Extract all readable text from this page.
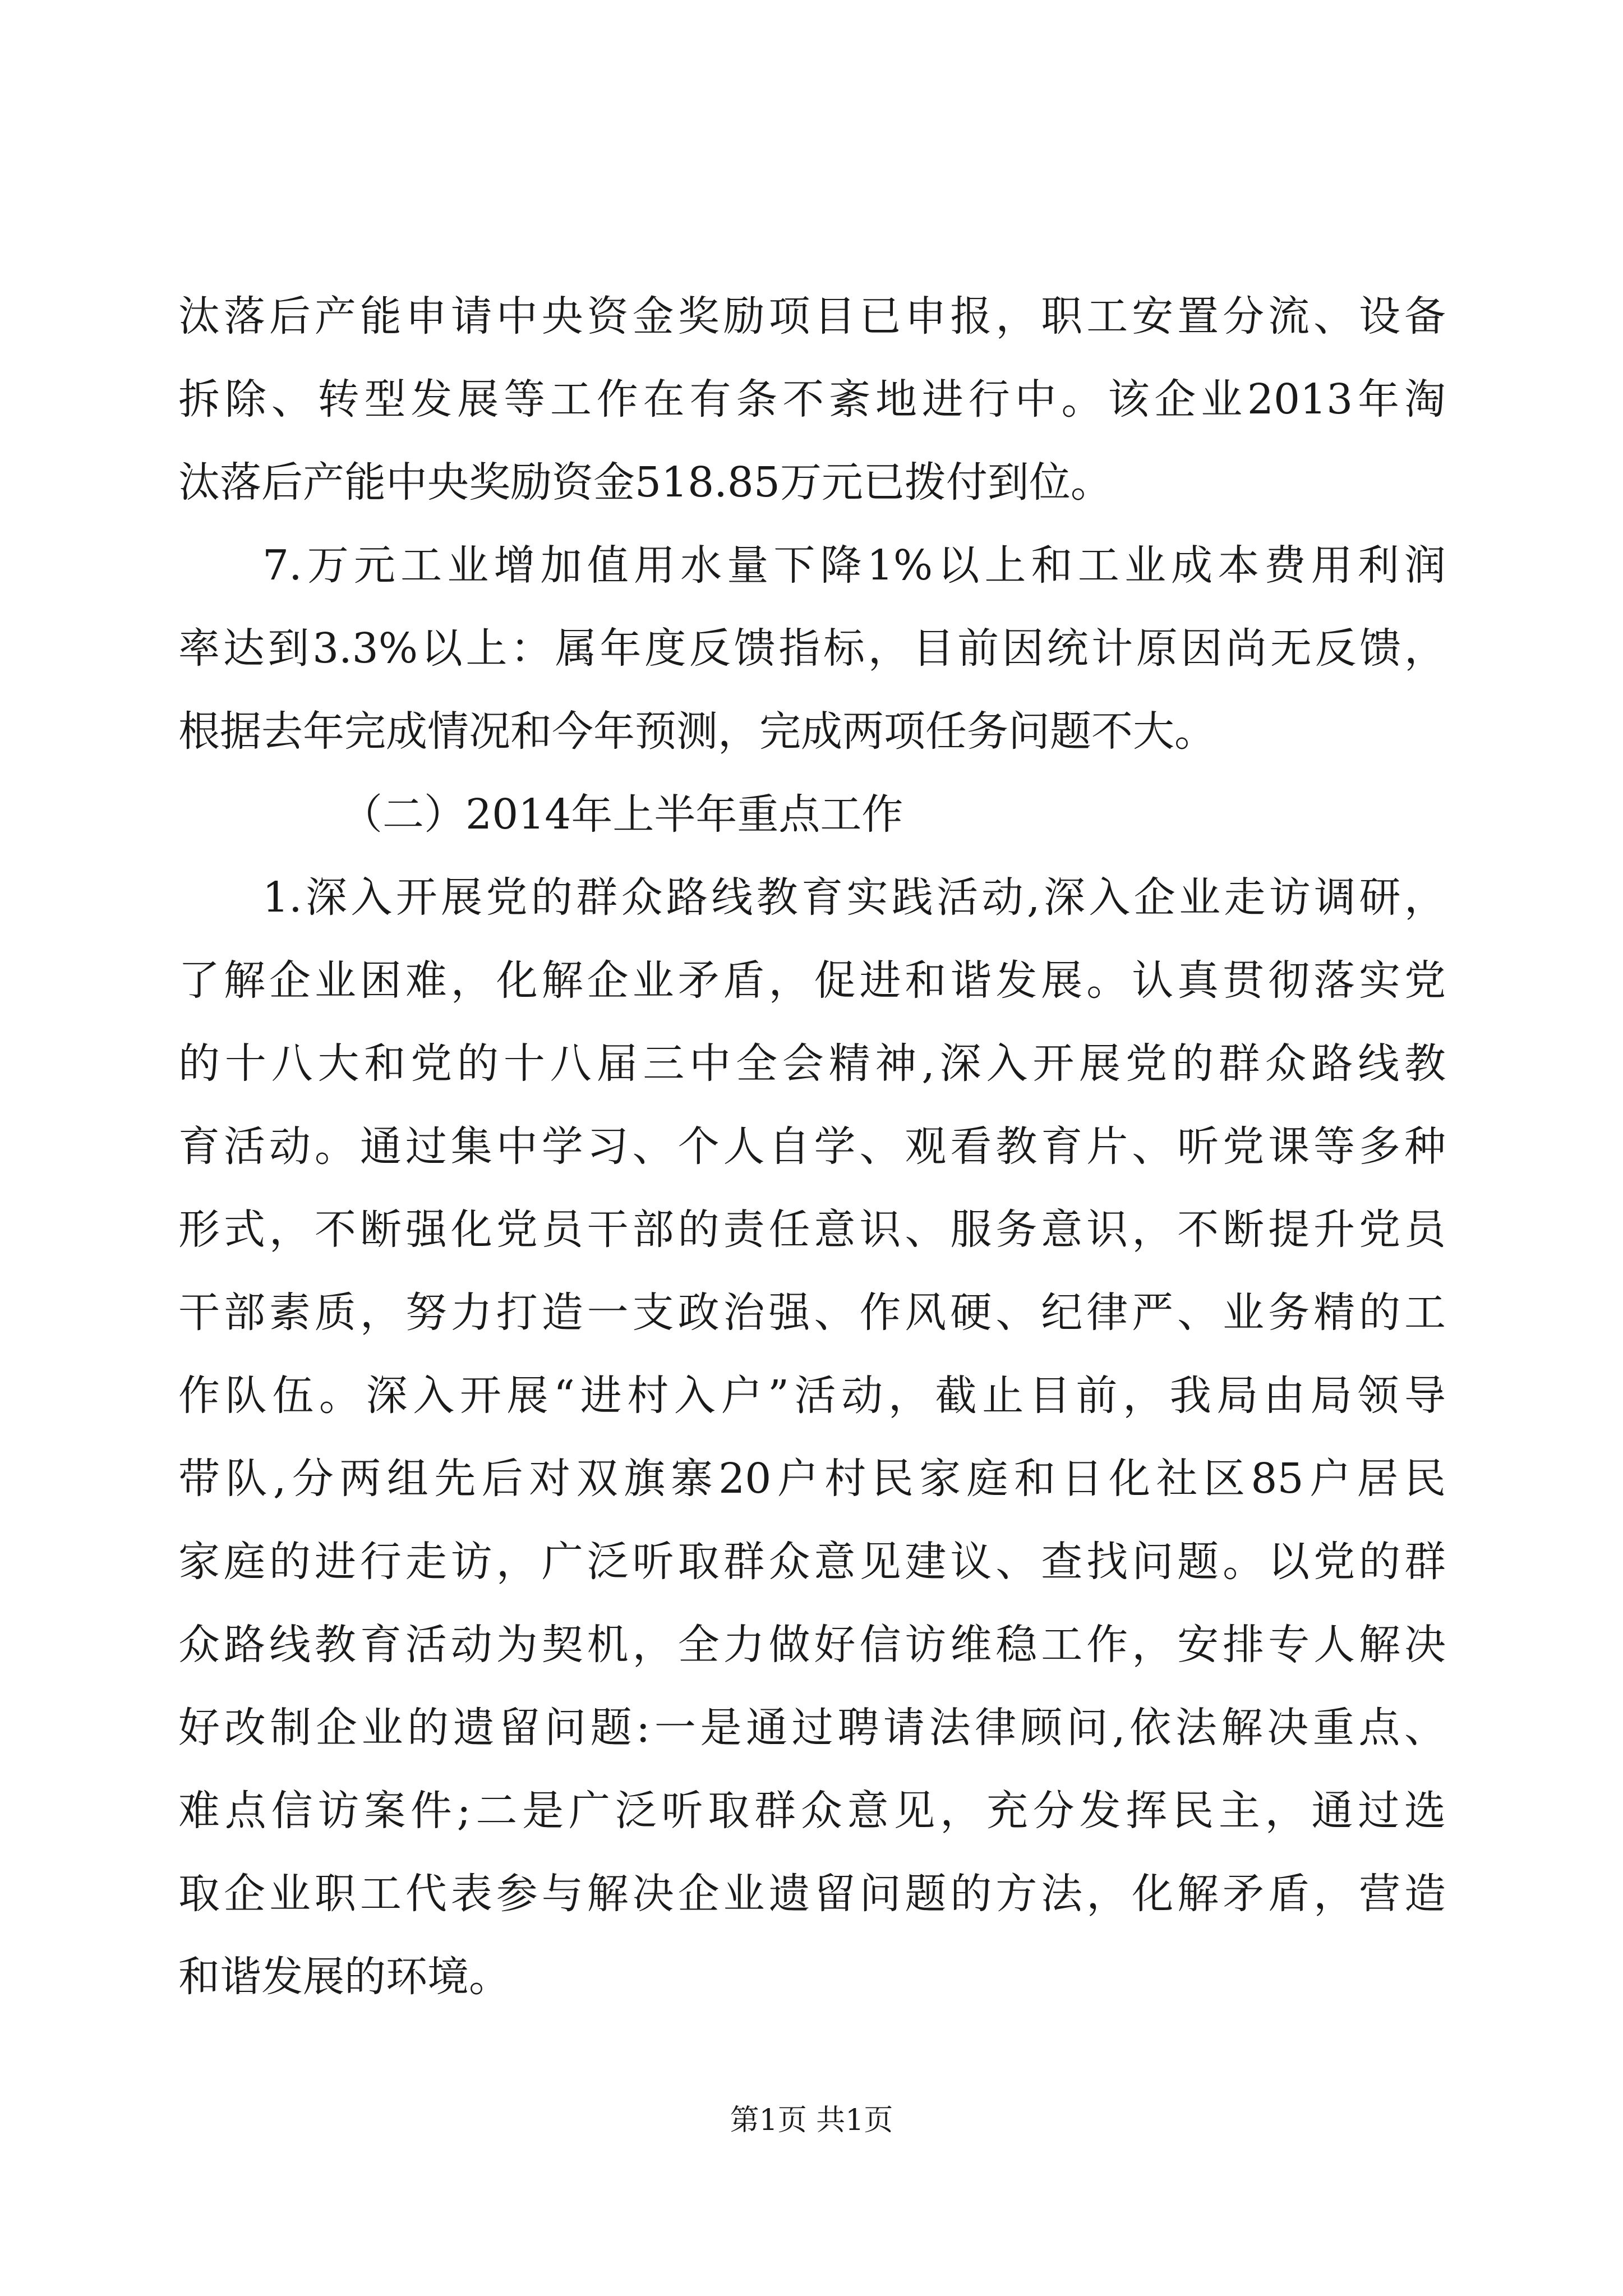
汰落后产能申请中央资金奖励项目已申报，职工安置分流、设备
拆除、转型发展等工作在有条不紊地进行中。该企业2013年淘
汰落后产能中央奖励资金518.85万元已拨付到位。
7.万元工业增加值用水量下降1%以上和工业成本费用利润
率达到3.3%以上：属年度反馈指标，目前因统计原因尚无反馈，
根据去年完成情况和今年预测，完成两项任务问题不大。
（二）2014年上半年重点工作
1.深入开展党的群众路线教育实践活动,深入企业走访调研，
了解企业困难，化解企业矛盾，促进和谐发展。认真贯彻落实党
的十八大和党的十八届三中全会精神,深入开展党的群众路线教
育活动。通过集中学习、个人自学、观看教育片、听党课等多种
形式，不断强化党员干部的责任意识、服务意识，不断提升党员
干部素质，努力打造一支政治强、作风硬、纪律严、业务精的工
作队伍。深入开展“进村入户”活动，截止目前，我局由局领导
带队,分两组先后对双旗寨20户村民家庭和日化社区85户居民
家庭的进行走访，广泛听取群众意见建议、查找问题。以党的群
众路线教育活动为契机，全力做好信访维稳工作，安排专人解决
好改制企业的遗留问题:一是通过聘请法律顾问,依法解决重点、
难点信访案件;二是广泛听取群众意见，充分发挥民主，通过选
取企业职工代表参与解决企业遗留问题的方法，化解矛盾，营造
和谐发展的环境。
第1页 共1页
